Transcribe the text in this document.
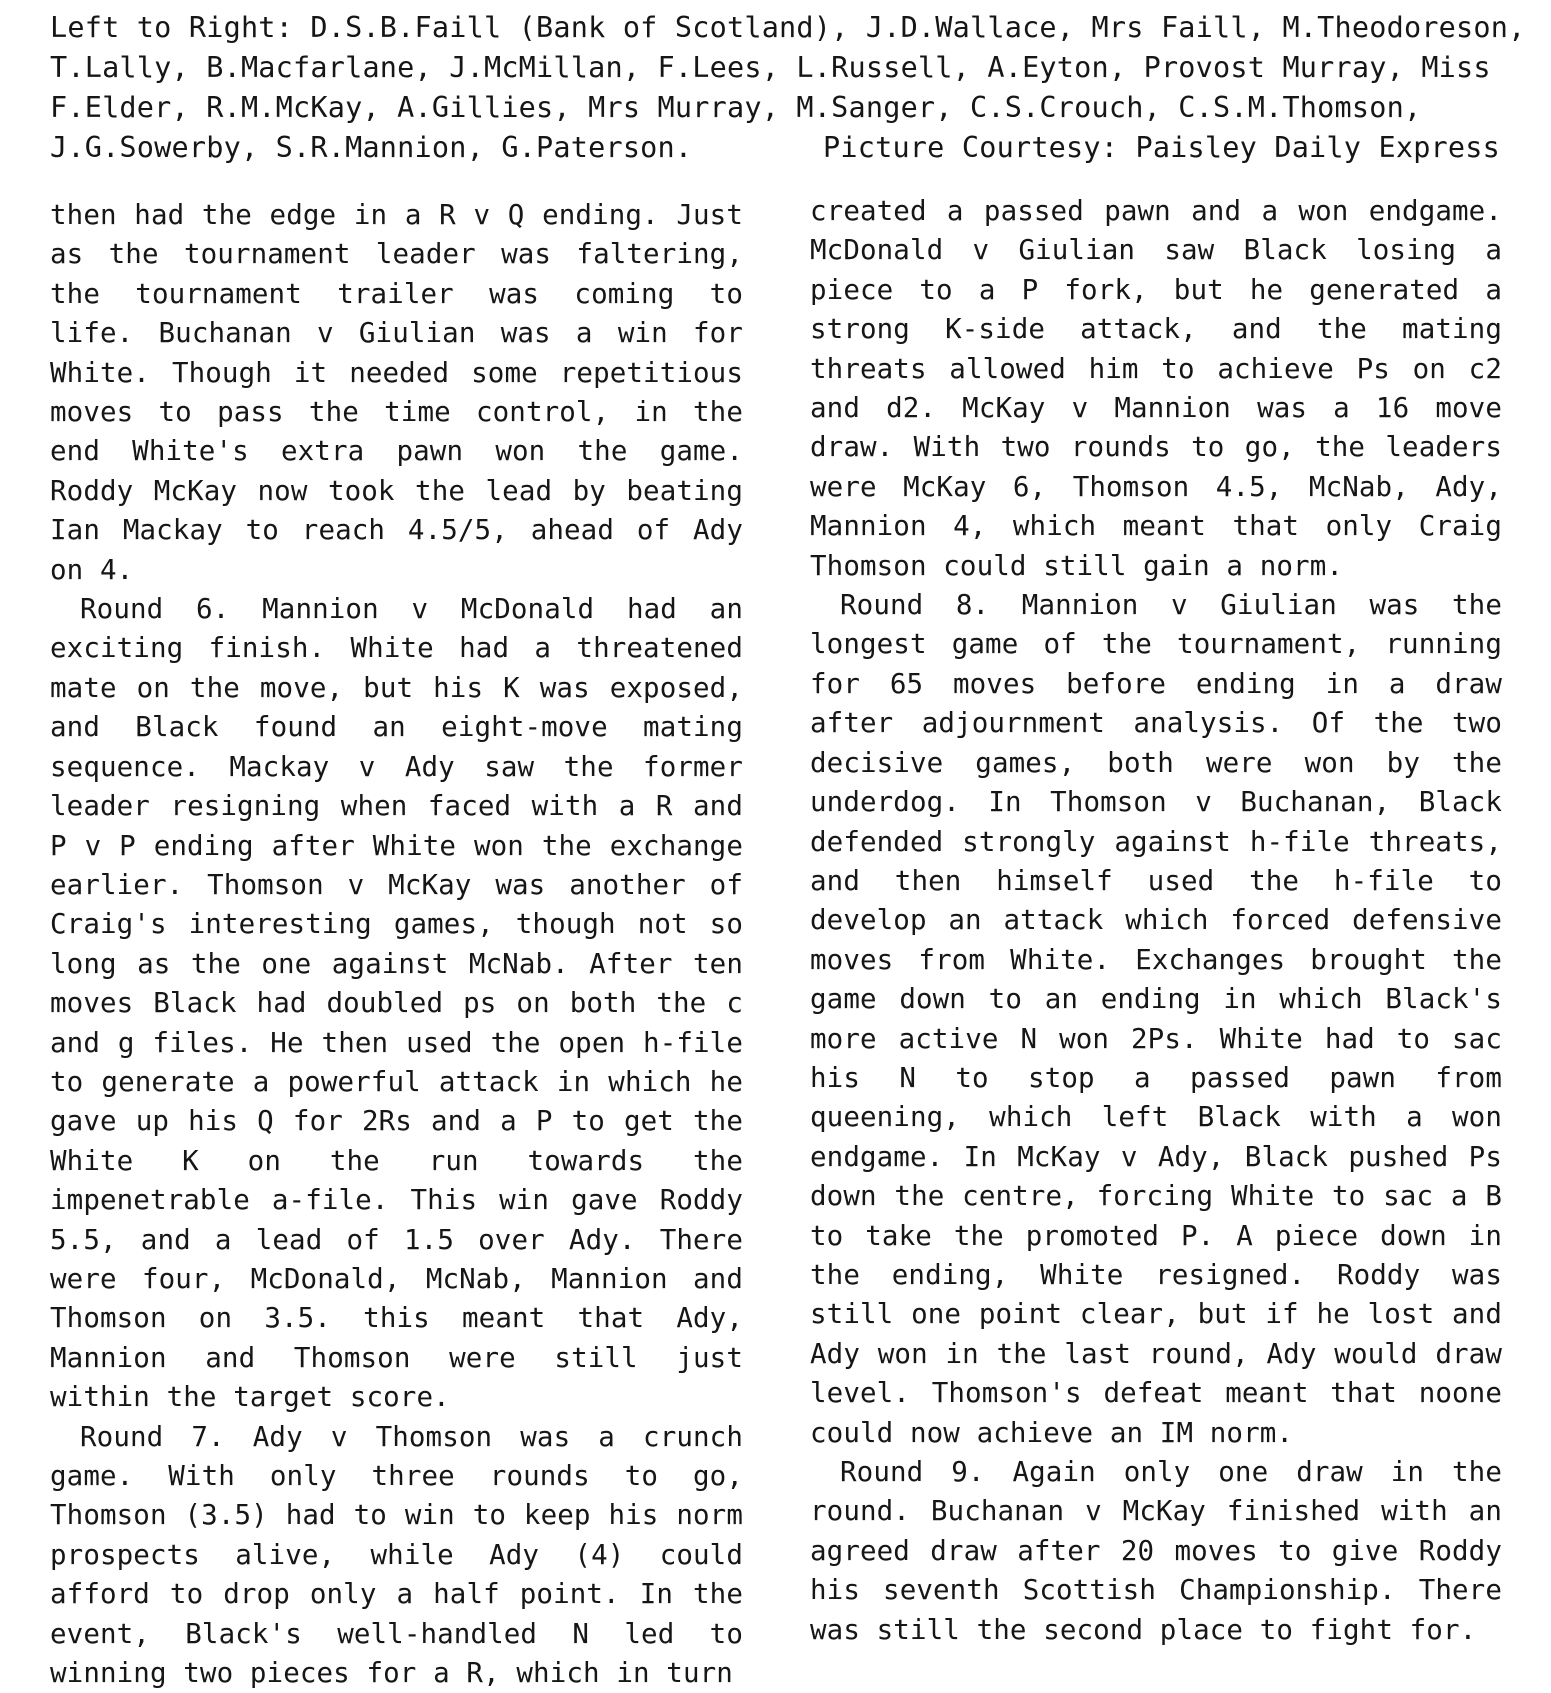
Left to Right: D.S.B.Faill (Bank of Scotland), J.D.Wallace, Mrs Faill, M.Theodoreson,
T.Lally, B.Macfarlane, J.McMillan, F.Lees, L.Russell, A.Eyton, Provost Murray, Miss
F.Elder, R.M.McKay, A.Gillies, Mrs Murray, M.Sanger, C.S.Crouch, C.S.M.Thomson,
J.G.Sowerby, S.R.Mannion, G.Paterson.	Picture Courtesy: Paisley Daily Express

then had the edge in a R v Q ending. Just as the tournament leader was faltering, the tournament trailer was coming to life. Buchanan v Giulian was a win for White. Though it needed some repetitious moves to pass the time control, in the end White's extra pawn won the game. Roddy McKay now took the lead by beating Ian Mackay to reach 4.5/5, ahead of Ady on 4.

Round 6. Mannion v McDonald had an exciting finish. White had a threatened mate on the move, but his K was exposed, and Black found an eight-move mating sequence. Mackay v Ady saw the former leader resigning when faced with a R and P v P ending after White won the exchange earlier. Thomson v McKay was another of Craig's interesting games, though not so long as the one against McNab. After ten moves Black had doubled ps on both the c and g files. He then used the open h-file to generate a powerful attack in which he gave up his Q for 2Rs and a P to get the White K on the run towards the impenetrable a-file. This win gave Roddy 5.5, and a lead of 1.5 over Ady. There were four, McDonald, McNab, Mannion and Thomson on 3.5. this meant that Ady, Mannion and Thomson were still just within the target score.

Round 7. Ady v Thomson was a crunch game. With only three rounds to go, Thomson (3.5) had to win to keep his norm prospects alive, while Ady (4) could afford to drop only a half point. In the event, Black's well-handled N led to winning two pieces for a R, which in turn

created a passed pawn and a won endgame. McDonald v Giulian saw Black losing a piece to a P fork, but he generated a strong K-side attack, and the mating threats allowed him to achieve Ps on c2 and d2. McKay v Mannion was a 16 move draw. With two rounds to go, the leaders were McKay 6, Thomson 4.5, McNab, Ady, Mannion 4, which meant that only Craig Thomson could still gain a norm.

Round 8. Mannion v Giulian was the longest game of the tournament, running for 65 moves before ending in a draw after adjournment analysis. Of the two decisive games, both were won by the underdog. In Thomson v Buchanan, Black defended strongly against h-file threats, and then himself used the h-file to develop an attack which forced defensive moves from White. Exchanges brought the game down to an ending in which Black's more active N won 2Ps. White had to sac his N to stop a passed pawn from queening, which left Black with a won endgame. In McKay v Ady, Black pushed Ps down the centre, forcing White to sac a B to take the promoted P. A piece down in the ending, White resigned. Roddy was still one point clear, but if he lost and Ady won in the last round, Ady would draw level. Thomson's defeat meant that noone could now achieve an IM norm.

Round 9. Again only one draw in the round. Buchanan v McKay finished with an agreed draw after 20 moves to give Roddy his seventh Scottish Championship. There was still the second place to fight for.
